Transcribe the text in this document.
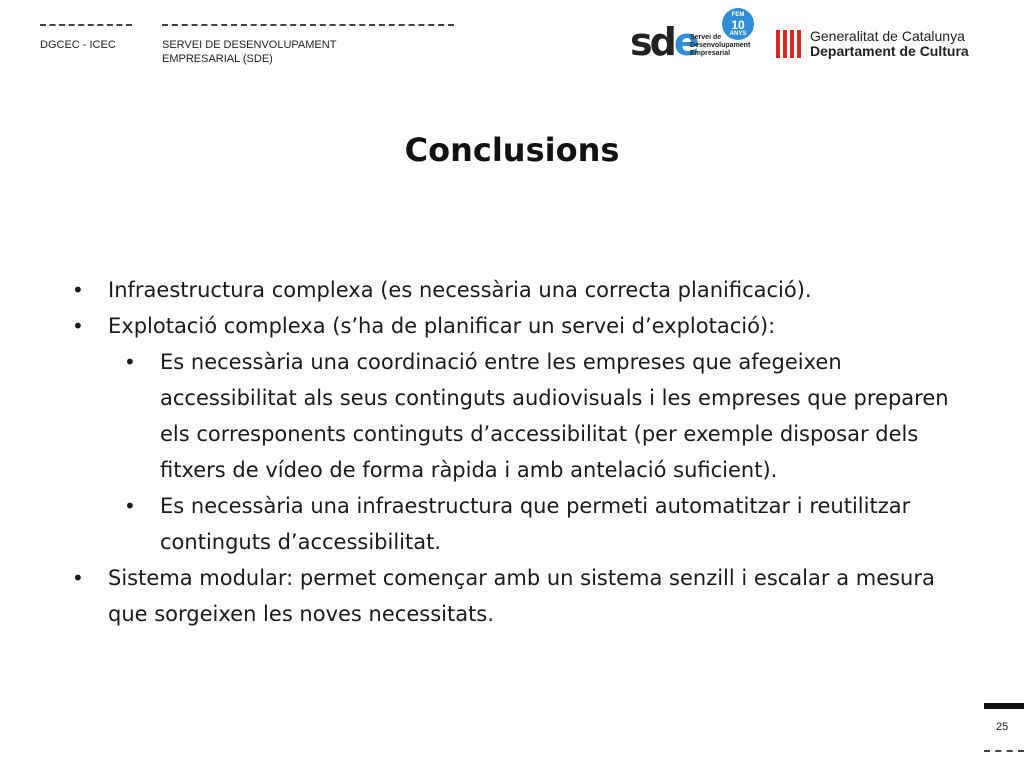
DGCEC - ICEC	SERVEI DE DESENVOLUPAMENT
EMPRESARIAL (SDE)	sde
Servei de
Desenvolupament
Empresarial
FEM
10
ANYS	Generalitat de Catalunya
Departament de Cultura
Conclusions
• Infraestructura complexa (es necessària una correcta planificació).
• Explotació complexa (s’ha de planificar un servei d’explotació):
• Es necessària una coordinació entre les empreses que afegeixen accessibilitat als seus continguts audiovisuals i les empreses que preparen els corresponents continguts d’accessibilitat (per exemple disposar dels fitxers de vídeo de forma ràpida i amb antelació suficient).
• Es necessària una infraestructura que permeti automatitzar i reutilitzar continguts d’accessibilitat.
• Sistema modular: permet començar amb un sistema senzill i escalar a mesura que sorgeixen les noves necessitats.
25
